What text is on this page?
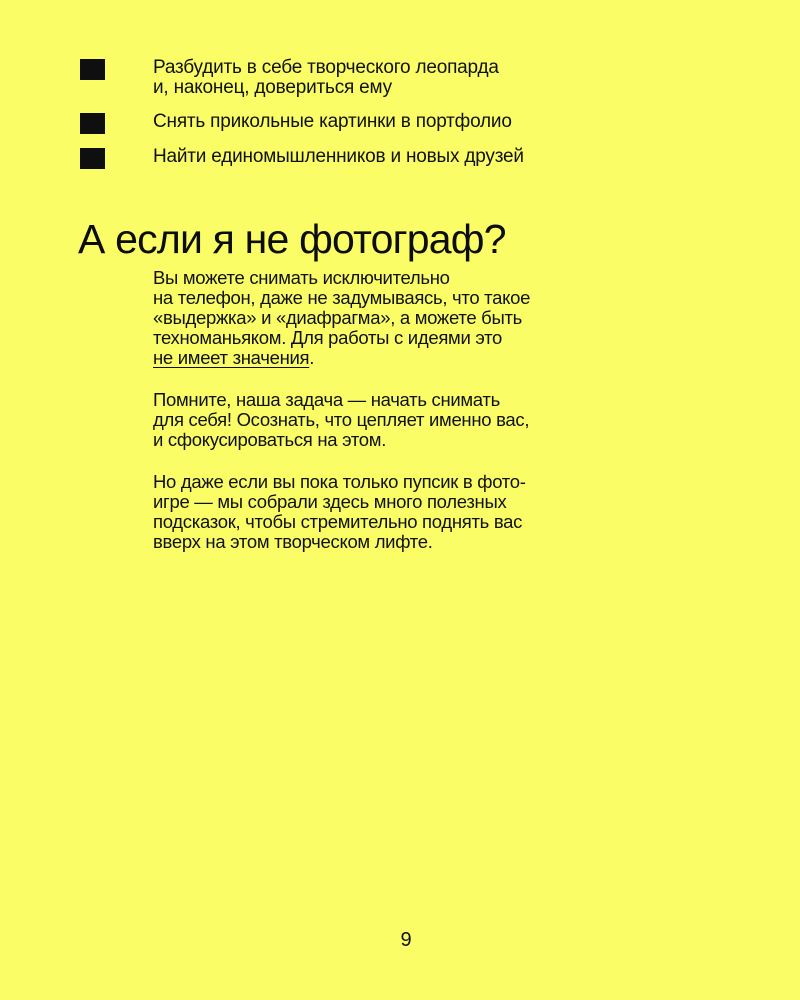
Разбудить в себе творческого леопарда
и, наконец, довериться ему
Снять прикольные картинки в портфолио
Найти единомышленников и новых друзей
А если я не фотограф?

Вы можете снимать исключительно
на телефон, даже не задумываясь, что такое
«выдержка» и «диафрагма», а можете быть
техноманьяком. Для работы с идеями это
не имеет значения.

Помните, наша задача — начать снимать
для себя! Осознать, что цепляет именно вас,
и сфокусироваться на этом.

Но даже если вы пока только пупсик в фото-
игре — мы собрали здесь много полезных
подсказок, чтобы стремительно поднять вас
вверх на этом творческом лифте.

9
